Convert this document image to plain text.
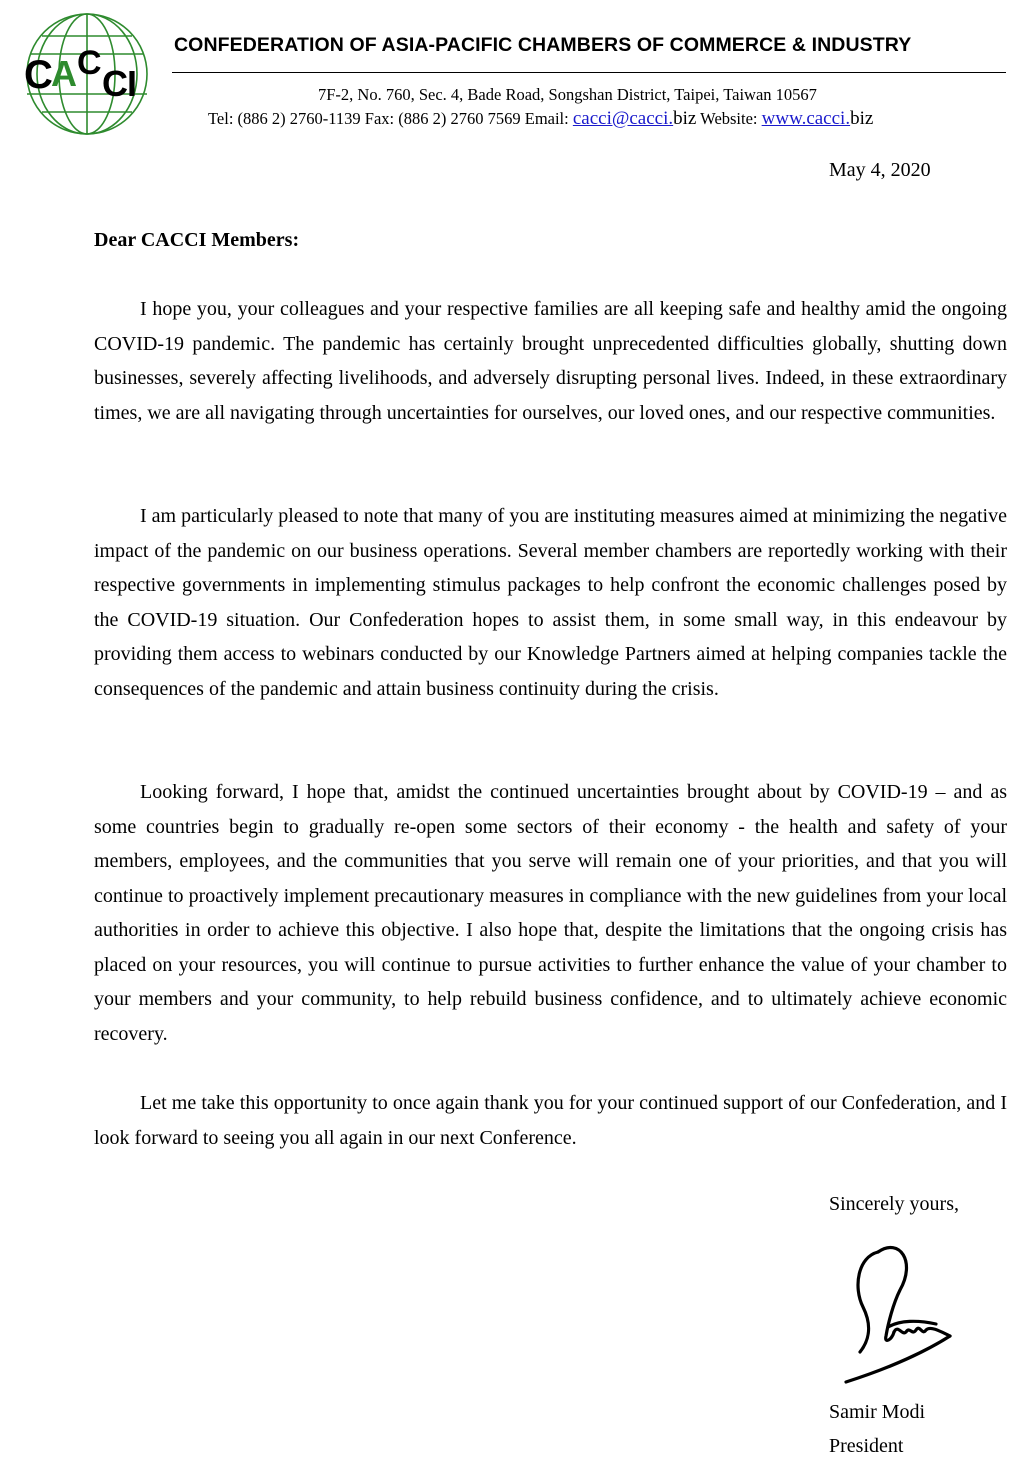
C
A C C I
CONFEDERATION OF ASIA-PACIFIC CHAMBERS OF COMMERCE & INDUSTRY
7F-2, No. 760, Sec. 4, Bade Road, Songshan District, Taipei, Taiwan 10567
Tel: (886 2) 2760-1139 Fax: (886 2) 2760 7569 Email: cacci@cacci.biz Website: www.cacci.biz
May 4, 2020
Dear CACCI Members:

I hope you, your colleagues and your respective families are all keeping safe and healthy amid the ongoing COVID-19 pandemic. The pandemic has certainly brought unprecedented difficulties globally, shutting down businesses, severely affecting livelihoods, and adversely disrupting personal lives. Indeed, in these extraordinary times, we are all navigating through uncertainties for ourselves, our loved ones, and our respective communities.

I am particularly pleased to note that many of you are instituting measures aimed at minimizing the negative impact of the pandemic on our business operations. Several member chambers are reportedly working with their respective governments in implementing stimulus packages to help confront the economic challenges posed by the COVID-19 situation. Our Confederation hopes to assist them, in some small way, in this endeavour by providing them access to webinars conducted by our Knowledge Partners aimed at helping companies tackle the consequences of the pandemic and attain business continuity during the crisis.

Looking forward, I hope that, amidst the continued uncertainties brought about by COVID-19 – and as some countries begin to gradually re-open some sectors of their economy - the health and safety of your members, employees, and the communities that you serve will remain one of your priorities, and that you will continue to proactively implement precautionary measures in compliance with the new guidelines from your local authorities in order to achieve this objective. I also hope that, despite the limitations that the ongoing crisis has placed on your resources, you will continue to pursue activities to further enhance the value of your chamber to your members and your community, to help rebuild business confidence, and to ultimately achieve economic recovery.

Let me take this opportunity to once again thank you for your continued support of our Confederation, and I look forward to seeing you all again in our next Conference.

Sincerely yours,
Samir Modi
President
